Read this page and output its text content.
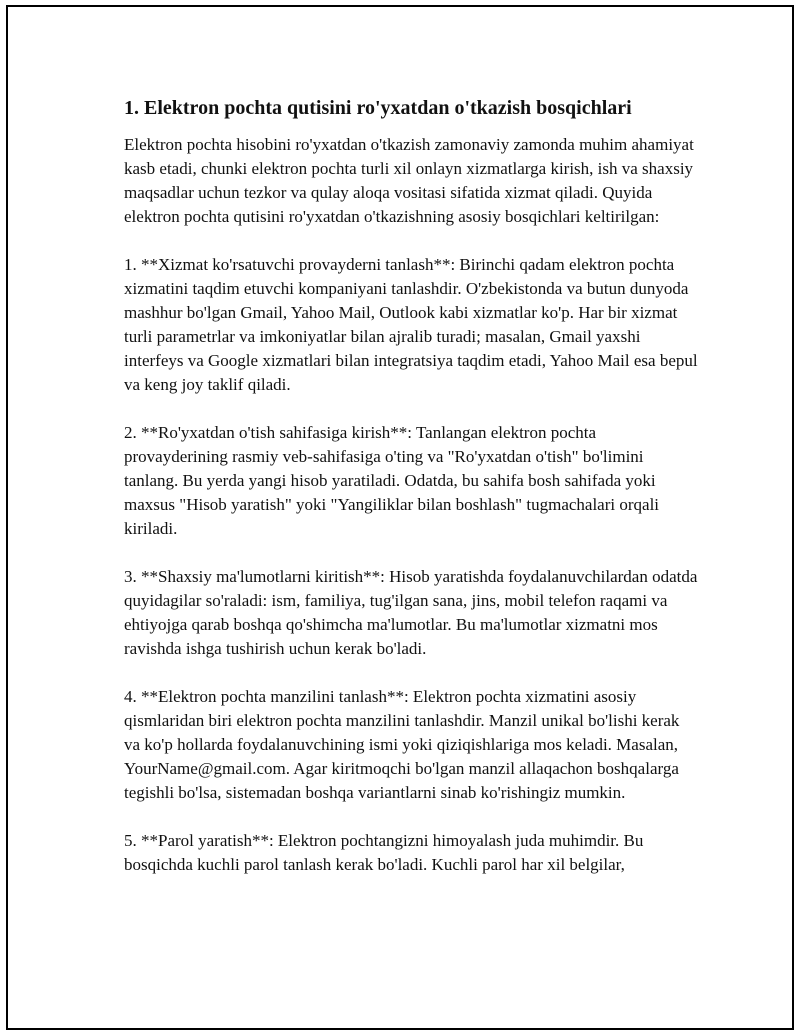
1. Elektron pochta qutisini ro'yxatdan o'tkazish bosqichlari

Elektron pochta hisobini ro'yxatdan o'tkazish zamonaviy zamonda muhim ahamiyat kasb etadi, chunki elektron pochta turli xil onlayn xizmatlarga kirish, ish va shaxsiy maqsadlar uchun tezkor va qulay aloqa vositasi sifatida xizmat qiladi. Quyida elektron pochta qutisini ro'yxatdan o'tkazishning asosiy bosqichlari keltirilgan:

1. **Xizmat ko'rsatuvchi provayderni tanlash**: Birinchi qadam elektron pochta xizmatini taqdim etuvchi kompaniyani tanlashdir. O'zbekistonda va butun dunyoda mashhur bo'lgan Gmail, Yahoo Mail, Outlook kabi xizmatlar ko'p. Har bir xizmat turli parametrlar va imkoniyatlar bilan ajralib turadi; masalan, Gmail yaxshi interfeys va Google xizmatlari bilan integratsiya taqdim etadi, Yahoo Mail esa bepul va keng joy taklif qiladi.

2. **Ro'yxatdan o'tish sahifasiga kirish**: Tanlangan elektron pochta provayderining rasmiy veb-sahifasiga o'ting va "Ro'yxatdan o'tish" bo'limini tanlang. Bu yerda yangi hisob yaratiladi. Odatda, bu sahifa bosh sahifada yoki maxsus "Hisob yaratish" yoki "Yangiliklar bilan boshlash" tugmachalari orqali kiriladi.

3. **Shaxsiy ma'lumotlarni kiritish**: Hisob yaratishda foydalanuvchilardan odatda quyidagilar so'raladi: ism, familiya, tug'ilgan sana, jins, mobil telefon raqami va ehtiyojga qarab boshqa qo'shimcha ma'lumotlar. Bu ma'lumotlar xizmatni mos ravishda ishga tushirish uchun kerak bo'ladi.

4. **Elektron pochta manzilini tanlash**: Elektron pochta xizmatini asosiy qismlaridan biri elektron pochta manzilini tanlashdir. Manzil unikal bo'lishi kerak va ko'p hollarda foydalanuvchining ismi yoki qiziqishlariga mos keladi. Masalan, YourName@gmail.com. Agar kiritmoqchi bo'lgan manzil allaqachon boshqalarga tegishli bo'lsa, sistemadan boshqa variantlarni sinab ko'rishingiz mumkin.

5. **Parol yaratish**: Elektron pochtangizni himoyalash juda muhimdir. Bu bosqichda kuchli parol tanlash kerak bo'ladi. Kuchli parol har xil belgilar,
